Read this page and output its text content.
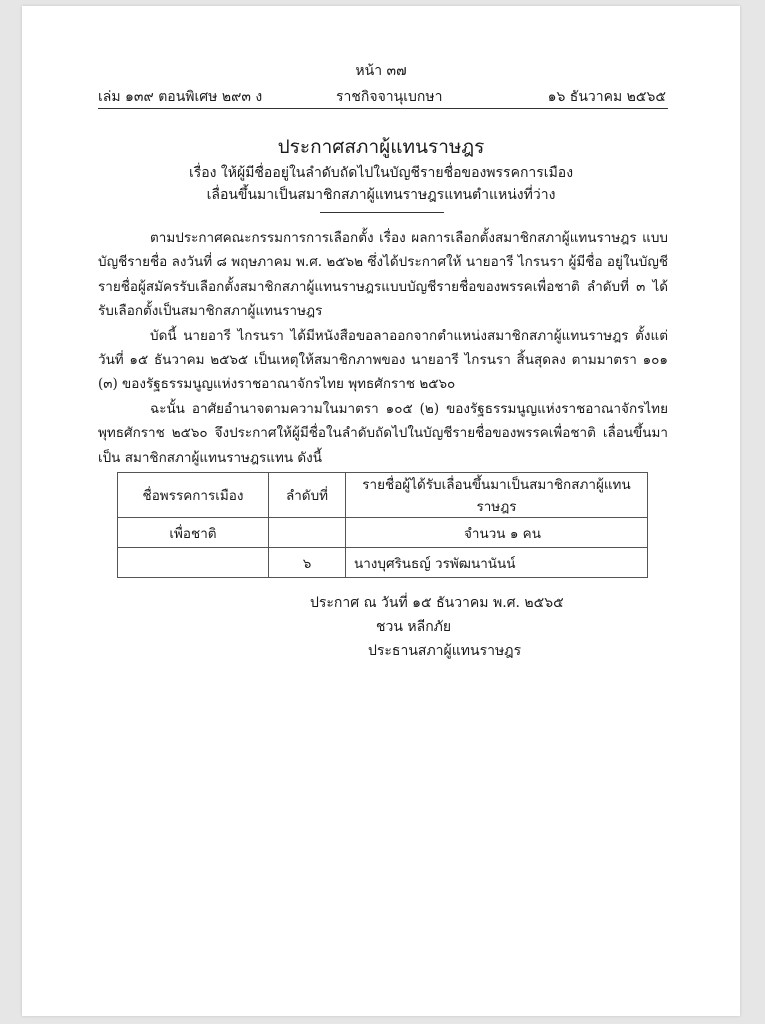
หน้า ๓๗
เล่ม ๑๓๙ ตอนพิเศษ ๒๙๓ ง	ราชกิจจานุเบกษา	๑๖ ธันวาคม ๒๕๖๕
ประกาศสภาผู้แทนราษฎร
เรื่อง ให้ผู้มีชื่ออยู่ในลำดับถัดไปในบัญชีรายชื่อของพรรคการเมือง
เลื่อนขึ้นมาเป็นสมาชิกสภาผู้แทนราษฎรแทนตำแหน่งที่ว่าง

ตามประกาศคณะกรรมการการเลือกตั้ง เรื่อง ผลการเลือกตั้งสมาชิกสภาผู้แทนราษฎร แบบบัญชีรายชื่อ ลงวันที่ ๘ พฤษภาคม พ.ศ. ๒๕๖๒ ซึ่งได้ประกาศให้ นายอารี ไกรนรา ผู้มีชื่อ อยู่ในบัญชีรายชื่อผู้สมัครรับเลือกตั้งสมาชิกสภาผู้แทนราษฎรแบบบัญชีรายชื่อของพรรคเพื่อชาติ ลำดับที่ ๓ ได้รับเลือกตั้งเป็นสมาชิกสภาผู้แทนราษฎร

บัดนี้ นายอารี ไกรนรา ได้มีหนังสือขอลาออกจากตำแหน่งสมาชิกสภาผู้แทนราษฎร ตั้งแต่วันที่ ๑๕ ธันวาคม ๒๕๖๕ เป็นเหตุให้สมาชิกภาพของ นายอารี ไกรนรา สิ้นสุดลง ตามมาตรา ๑๐๑ (๓) ของรัฐธรรมนูญแห่งราชอาณาจักรไทย พุทธศักราช ๒๕๖๐

ฉะนั้น อาศัยอำนาจตามความในมาตรา ๑๐๕ (๒) ของรัฐธรรมนูญแห่งราชอาณาจักรไทย พุทธศักราช ๒๕๖๐ จึงประกาศให้ผู้มีชื่อในลำดับถัดไปในบัญชีรายชื่อของพรรคเพื่อชาติ เลื่อนขึ้นมาเป็น สมาชิกสภาผู้แทนราษฎรแทน ดังนี้

ชื่อพรรคการเมือง	ลำดับที่	รายชื่อผู้ได้รับเลื่อนขึ้นมาเป็นสมาชิกสภาผู้แทนราษฎร
เพื่อชาติ		จำนวน ๑ คน
	๖	นางบุศรินธญ์ วรพัฒนานันน์
ประกาศ ณ วันที่ ๑๕ ธันวาคม พ.ศ. ๒๕๖๕
ชวน หลีกภัย
ประธานสภาผู้แทนราษฎร
